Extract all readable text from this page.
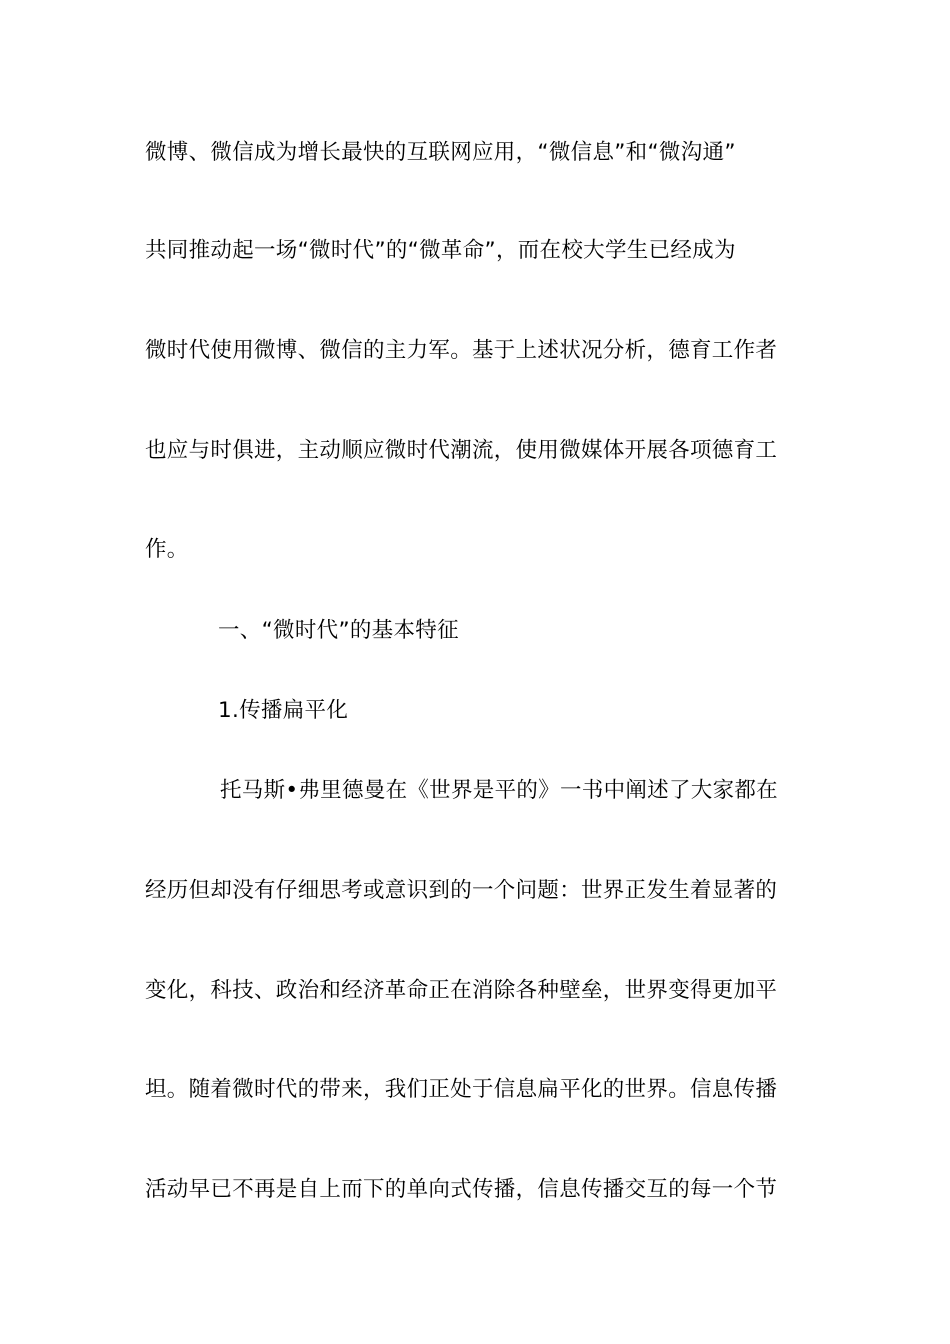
微博、微信成为增长最快的互联网应用，“微信息”和“微沟通”
共同推动起一场“微时代”的“微革命”，而在校大学生已经成为
微时代使用微博、微信的主力军。基于上述状况分析，德育工作者
也应与时俱进，主动顺应微时代潮流，使用微媒体开展各项德育工
作。
一、“微时代”的基本特征
1.传播扁平化
托马斯•弗里德曼在《世界是平的》一书中阐述了大家都在
经历但却没有仔细思考或意识到的一个问题：世界正发生着显著的
变化，科技、政治和经济革命正在消除各种壁垒，世界变得更加平
坦。随着微时代的带来，我们正处于信息扁平化的世界。信息传播
活动早已不再是自上而下的单向式传播，信息传播交互的每一个节
